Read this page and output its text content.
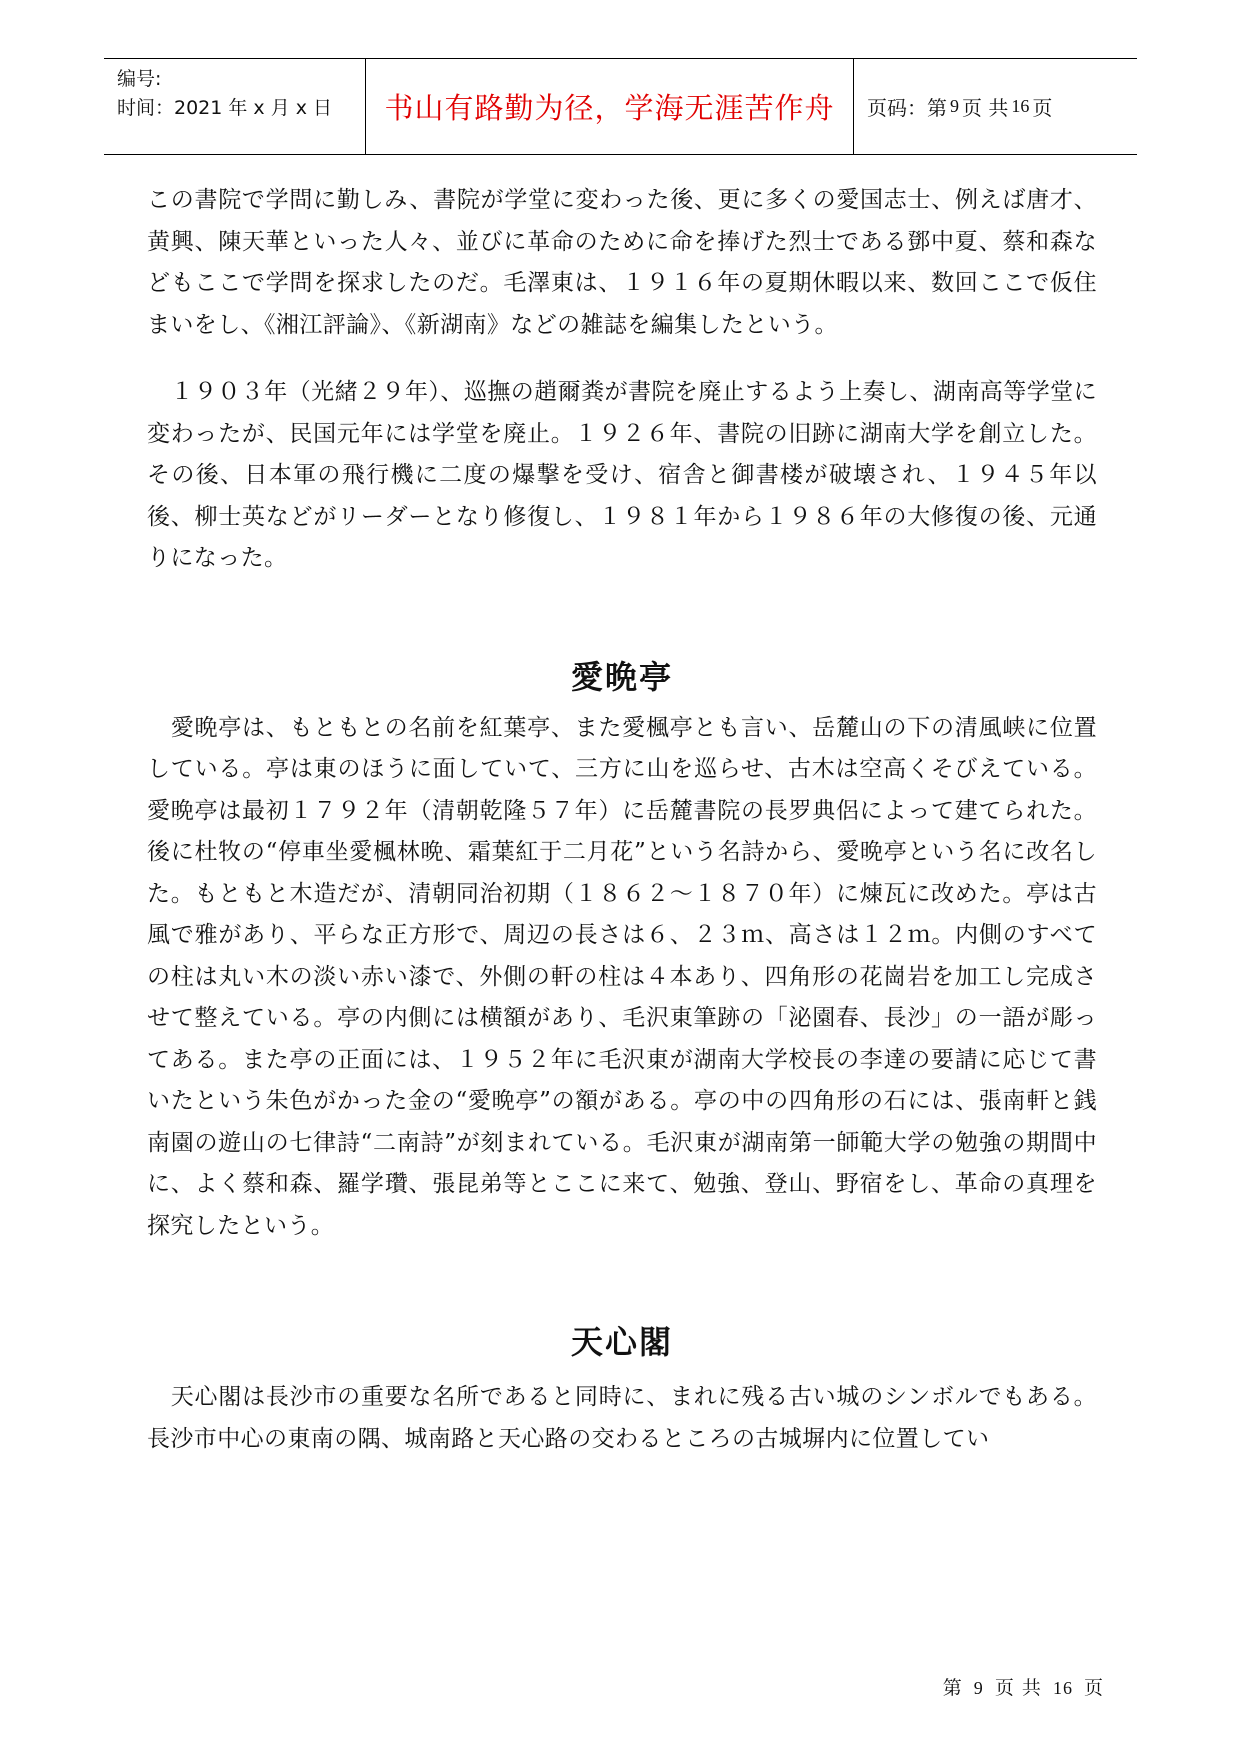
编号:
时间：2021 年 x 月 x 日	书山有路勤为径，学海无涯苦作舟	页码：第 9 页 共 16 页

この書院で学問に勤しみ、書院が学堂に変わった後、更に多くの愛国志士、例えば唐才、黄興、陳天華といった人々、並びに革命のために命を捧げた烈士である鄧中夏、蔡和森などもここで学問を探求したのだ。毛澤東は、１９１６年の夏期休暇以来、数回ここで仮住まいをし、《湘江評論》、《新湖南》などの雑誌を編集したという。

　１９０３年（光緒２９年）、巡撫の趙爾粪が書院を廃止するよう上奏し、湖南高等学堂に変わったが、民国元年には学堂を廃止。１９２６年、書院の旧跡に湖南大学を創立した。その後、日本軍の飛行機に二度の爆撃を受け、宿舎と御書楼が破壊され、１９４５年以後、柳士英などがリーダーとなり修復し、１９８１年から１９８６年の大修復の後、元通りになった。

愛晩亭

　愛晩亭は、もともとの名前を紅葉亭、また愛楓亭とも言い、岳麓山の下の清風峡に位置している。亭は東のほうに面していて、三方に山を巡らせ、古木は空高くそびえている。愛晩亭は最初１７９２年（清朝乾隆５７年）に岳麓書院の長罗典侶によって建てられた。後に杜牧の“停車坐愛楓林晩、霜葉紅于二月花”という名詩から、愛晩亭という名に改名した。もともと木造だが、清朝同治初期（１８６２～１８７０年）に煉瓦に改めた。亭は古風で雅があり、平らな正方形で、周辺の長さは６、２３ｍ、高さは１２ｍ。内側のすべての柱は丸い木の淡い赤い漆で、外側の軒の柱は４本あり、四角形の花崗岩を加工し完成させて整えている。亭の内側には横額があり、毛沢東筆跡の「泌園春、長沙」の一語が彫ってある。また亭の正面には、１９５２年に毛沢東が湖南大学校長の李達の要請に応じて書いたという朱色がかった金の“愛晩亭”の額がある。亭の中の四角形の石には、張南軒と銭南園の遊山の七律詩“二南詩”が刻まれている。毛沢東が湖南第一師範大学の勉強の期間中に、よく蔡和森、羅学瓚、張昆弟等とここに来て、勉強、登山、野宿をし、革命の真理を探究したという。

天心閣

　天心閣は長沙市の重要な名所であると同時に、まれに残る古い城のシンボルでもある。長沙市中心の東南の隅、城南路と天心路の交わるところの古城塀内に位置してい

第 9 页 共 16 页
